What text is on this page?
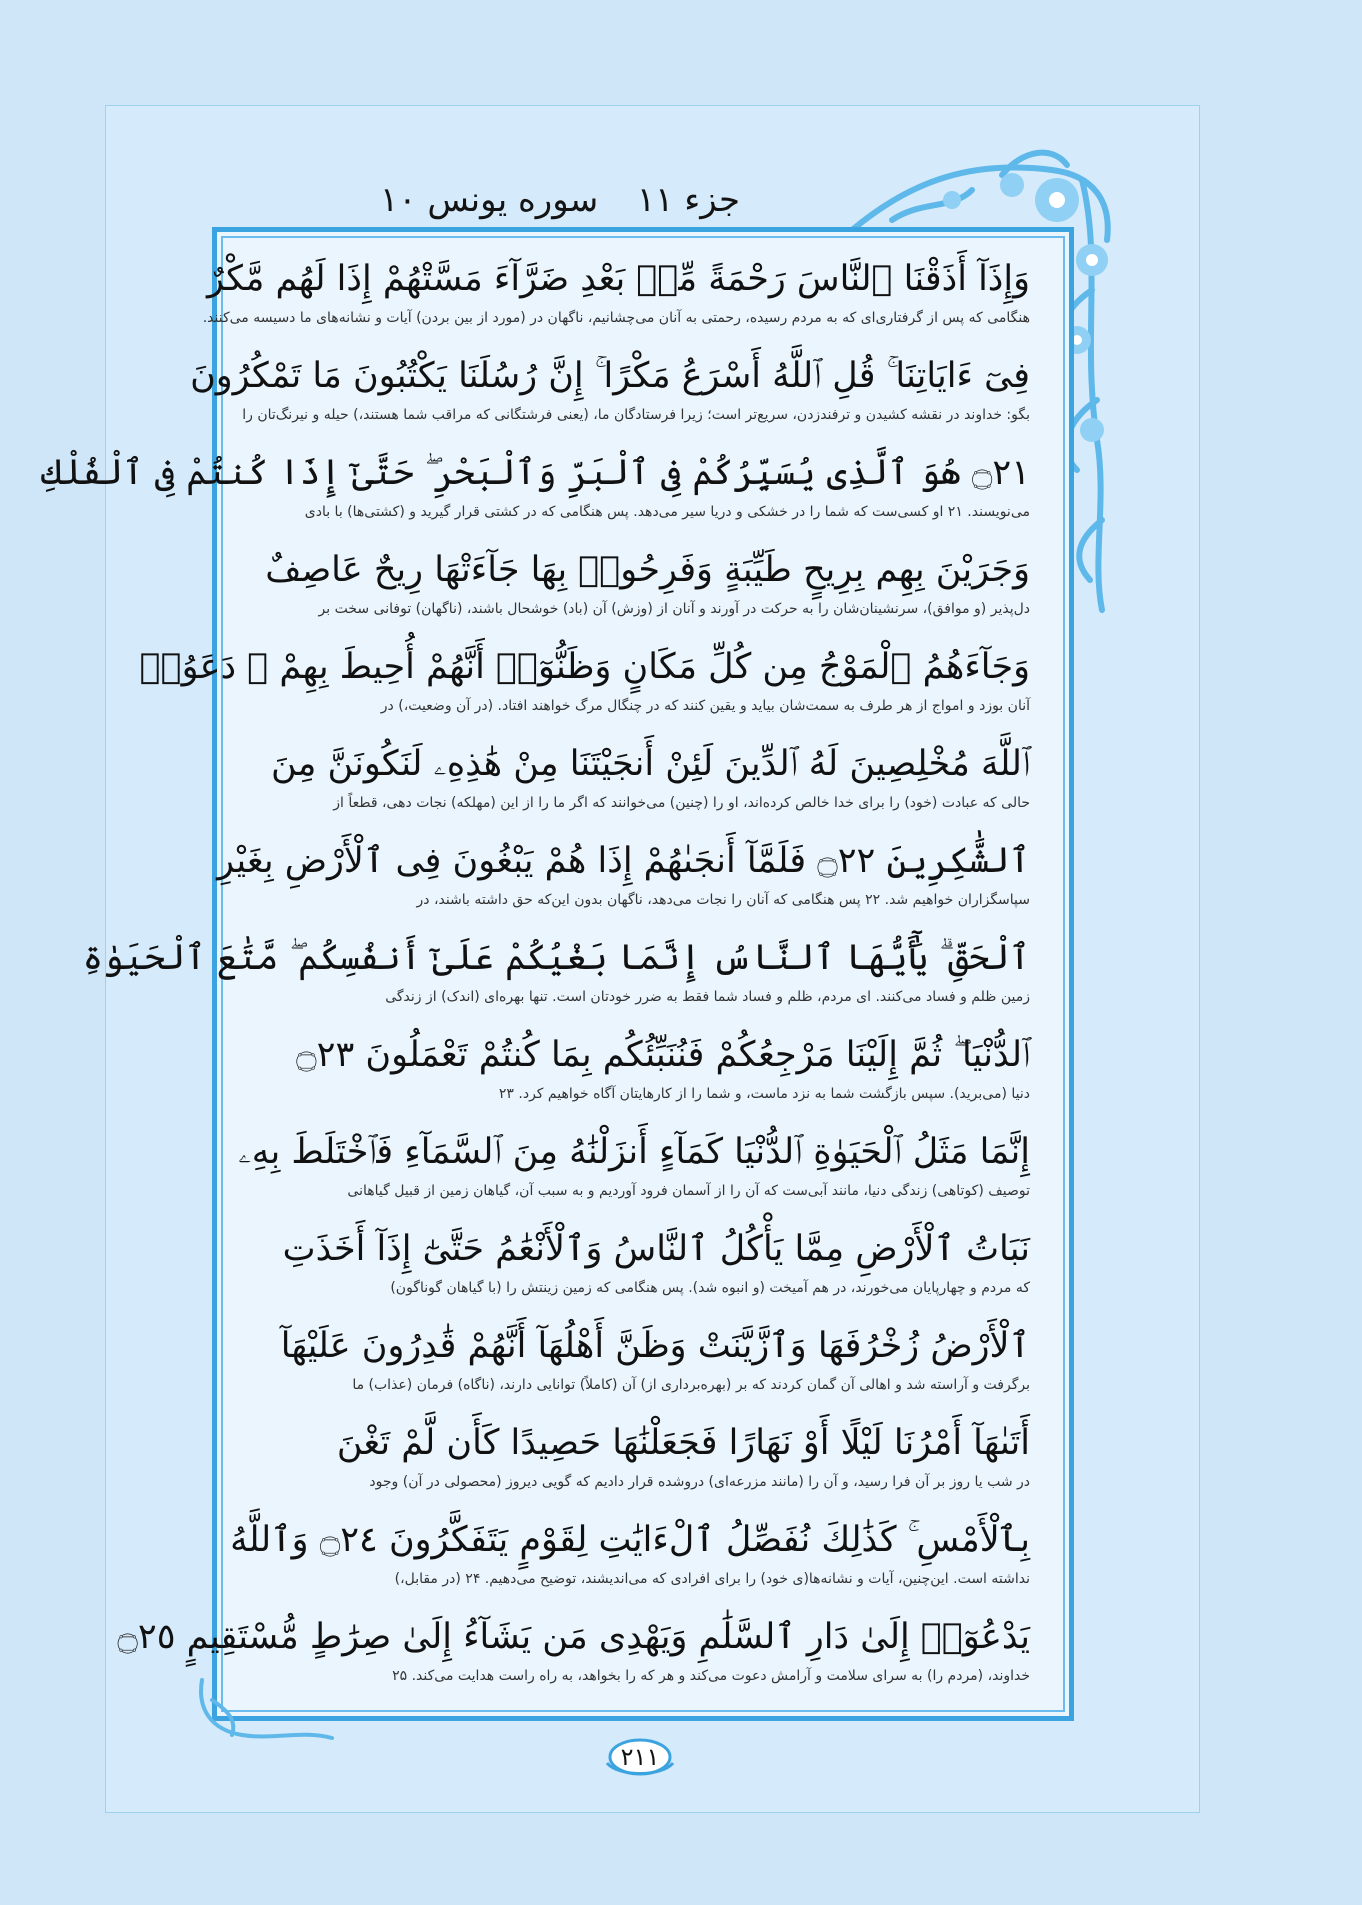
جزء ۱۱
سوره یونس ۱۰
وَإِذَآ أَذَقْنَا ٱلنَّاسَ رَحْمَةً مِّنۢ بَعْدِ ضَرَّآءَ مَسَّتْهُمْ إِذَا لَهُم مَّكْرٌ
هنگامی که پس از گرفتاری‌ای که به مردم رسیده، رحمتی به آنان می‌چشانیم، ناگهان در (مورد از بین بردن) آیات و نشانه‌های ما دسیسه می‌کنند.
فِىٓ ءَايَاتِنَا ۚ قُلِ ٱللَّهُ أَسْرَعُ مَكْرًا ۚ إِنَّ رُسُلَنَا يَكْتُبُونَ مَا تَمْكُرُونَ
بگو: خداوند در نقشه کشیدن و ترفندزدن، سریع‌تر است؛ زیرا فرستادگان ما، (یعنی فرشتگانی که مراقب شما هستند،) حیله و نیرنگ‌تان را
۝٢١ هُوَ ٱلَّذِى يُسَيِّرُكُمْ فِى ٱلْبَرِّ وَٱلْبَحْرِ ۖ حَتَّىٰٓ إِذَا كُنتُمْ فِى ٱلْفُلْكِ
می‌نویسند. ۲۱ او کسی‌ست که شما را در خشکی و دریا سیر می‌دهد. پس هنگامی که در کشتی قرار گیرید و (کشتی‌ها) با بادی
وَجَرَيْنَ بِهِم بِرِيحٍ طَيِّبَةٍ وَفَرِحُوا۟ بِهَا جَآءَتْهَا رِيحٌ عَاصِفٌ
دل‌پذیر (و موافق)، سرنشینان‌شان را به حرکت در آورند و آنان از (وزش) آن (باد) خوشحال باشند، (ناگهان) توفانی سخت بر
وَجَآءَهُمُ ٱلْمَوْجُ مِن كُلِّ مَكَانٍ وَظَنُّوٓا۟ أَنَّهُمْ أُحِيطَ بِهِمْ ۙ دَعَوُا۟
آنان بوزد و امواج از هر طرف به سمت‌شان بیاید و یقین کنند که در چنگال مرگ خواهند افتاد. (در آن وضعیت،) در
ٱللَّهَ مُخْلِصِينَ لَهُ ٱلدِّينَ لَئِنْ أَنجَيْتَنَا مِنْ هَٰذِهِۦ لَنَكُونَنَّ مِنَ
حالی که عبادت (خود) را برای خدا خالص کرده‌اند، او را (چنین) می‌خوانند که اگر ما را از این (مهلکه) نجات دهی، قطعاً از
ٱلشَّٰكِرِينَ ۝٢٢ فَلَمَّآ أَنجَىٰهُمْ إِذَا هُمْ يَبْغُونَ فِى ٱلْأَرْضِ بِغَيْرِ
سپاسگزاران خواهیم شد. ۲۲ پس هنگامی که آنان را نجات می‌دهد، ناگهان بدون این‌که حق داشته باشند، در
ٱلْحَقِّ ۗ يَٰٓأَيُّهَا ٱلنَّاسُ إِنَّمَا بَغْيُكُمْ عَلَىٰٓ أَنفُسِكُم ۖ مَّتَٰعَ ٱلْحَيَوٰةِ
زمین ظلم و فساد می‌کنند. ای مردم، ظلم و فساد شما فقط به ضرر خودتان است. تنها بهره‌ای (اندک) از زندگی
ٱلدُّنْيَا ۖ ثُمَّ إِلَيْنَا مَرْجِعُكُمْ فَنُنَبِّئُكُم بِمَا كُنتُمْ تَعْمَلُونَ ۝٢٣
دنیا (می‌برید). سپس بازگشت شما به نزد ماست، و شما را از کارهایتان آگاه خواهیم کرد. ۲۳
إِنَّمَا مَثَلُ ٱلْحَيَوٰةِ ٱلدُّنْيَا كَمَآءٍ أَنزَلْنَٰهُ مِنَ ٱلسَّمَآءِ فَٱخْتَلَطَ بِهِۦ
توصیف (کوتاهی) زندگی دنیا، مانند آبی‌ست که آن را از آسمان فرود آوردیم و به سبب آن، گیاهان زمین از قبیل گیاهانی
نَبَاتُ ٱلْأَرْضِ مِمَّا يَأْكُلُ ٱلنَّاسُ وَٱلْأَنْعَٰمُ حَتَّىٰٓ إِذَآ أَخَذَتِ
که مردم و چهارپایان می‌خورند، در هم آمیخت (و انبوه شد). پس هنگامی که زمین زینتش را (با گیاهان گوناگون)
ٱلْأَرْضُ زُخْرُفَهَا وَٱزَّيَّنَتْ وَظَنَّ أَهْلُهَآ أَنَّهُمْ قَٰدِرُونَ عَلَيْهَآ
برگرفت و آراسته شد و اهالی آن گمان کردند که بر (بهره‌برداری از) آن (کاملاً) توانایی دارند، (ناگاه) فرمان (عذاب) ما
أَتَىٰهَآ أَمْرُنَا لَيْلًا أَوْ نَهَارًا فَجَعَلْنَٰهَا حَصِيدًا كَأَن لَّمْ تَغْنَ
در شب یا روز بر آن فرا رسید، و آن را (مانند مزرعه‌ای) دروشده قرار دادیم که گویی دیروز (محصولی در آن) وجود
بِٱلْأَمْسِ ۚ كَذَٰلِكَ نُفَصِّلُ ٱلْءَايَٰتِ لِقَوْمٍ يَتَفَكَّرُونَ ۝٢٤ وَٱللَّهُ
نداشته است. این‌چنین، آیات و نشانه‌ها(ی خود) را برای افرادی که می‌اندیشند، توضیح می‌دهیم. ۲۴ (در مقابل،)
يَدْعُوٓا۟ إِلَىٰ دَارِ ٱلسَّلَٰمِ وَيَهْدِى مَن يَشَآءُ إِلَىٰ صِرَٰطٍ مُّسْتَقِيمٍ ۝٢٥
خداوند، (مردم را) به سرای سلامت و آرامش دعوت می‌کند و هر که را بخواهد، به راه راست هدایت می‌کند. ۲۵
۲۱۱
